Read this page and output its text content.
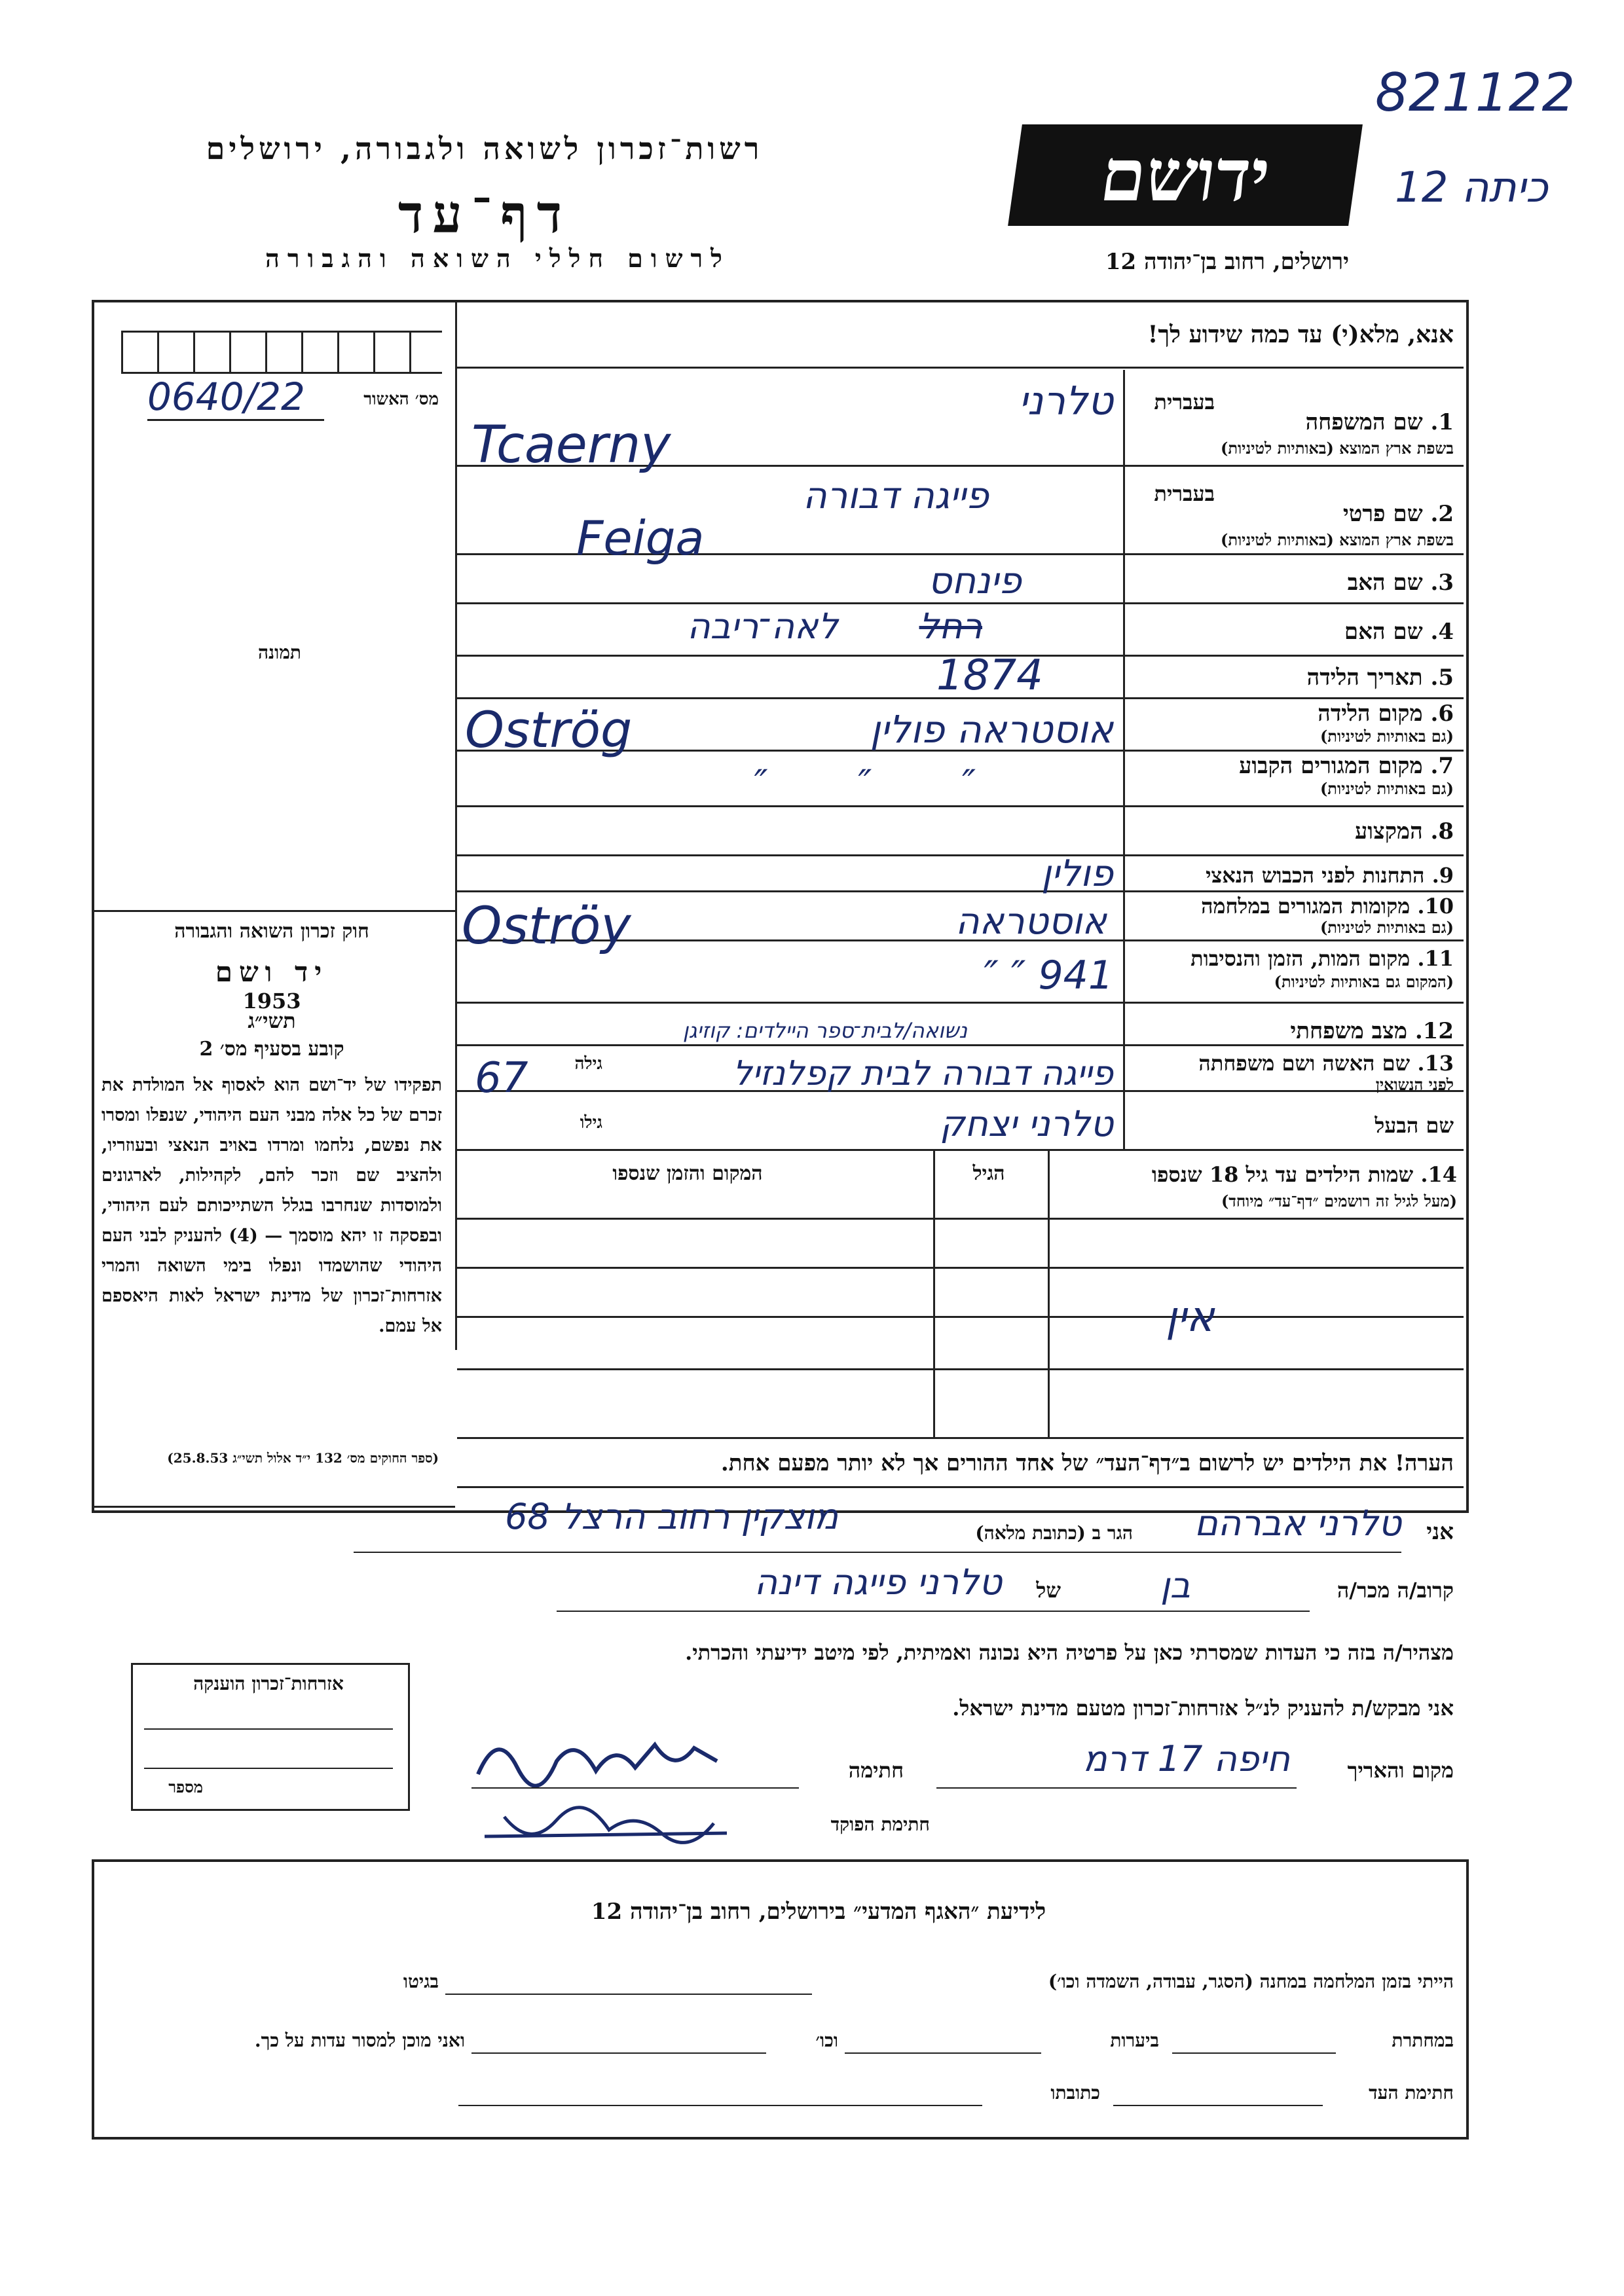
821122
12 כיתה
רשות־זכרון לשואה ולגבורה, ירושלים
דף־עד
לרשום חללי השואה והגבורה
ידושם
ירושלים, רחוב בן־יהודה 12
אנא, מלא(י) עד כמה שידוע לך!
מס׳ האשור
0640/22
תמונה
בעברית
1. שם המשפחה
בשפת ארץ המוצא (באותיות לטיניות)
טלרני
Tcaerny
בעברית
2. שם פרטי
בשפת ארץ המוצא (באותיות לטיניות)
פייגה דבורה
Feiga
3. שם האב
פינחס
4. שם האם
לאה־ריבה	רחל
5. תאריך הלידה
1874
6. מקום הלידה
(גם באותיות לטיניות)
אוסטראה פולין
Oströg
7. מקום המגורים הקבוע
(גם באותיות לטיניות)
″ ″ ″
8. המקצוע
9. התחנות לפני הכבוש הנאצי
פולין
10. מקומות המגורים במלחמה
(גם באותיות לטיניות)
אוסטראה
Oströy
11. מקום המות, הזמן והנסיבות
(המקום גם באותיות לטיניות)
941 ″ ″
12. מצב משפחתי
נשואה/לבית־ספר היילדים: קוזיגן
13. שם האשה ושם משפחתה
לפני הנשואין
גילה
67	פייגה דבורה לבית קפלנזיל
שם הבעל
גילו	טלרני יצחק
14. שמות הילדים עד גיל 18 שנספו
(מעל לגיל זה רושמים ״דף־עד״ מיוחד)
הגיל
המקום והזמן שנספו
אין
הערה! את הילדים יש לרשום ב״דף־העד״ של אחד ההורים אך לא יותר מפעם אחת.
חוק זכרון השואה והגבורה
יד ושם
תשי״ג
1953
קובע בסעיף מס׳ 2
תפקידו של יד־ושם הוא לאסוף אל המולדת את זכרם של כל אלה מבני העם היהודי, שנפלו ומסרו את נפשם, נלחמו ומרדו באויב הנאצי ובעוזריו, ולהציב שם וזכר להם, לקהילות, לארגונים ולמוסדות שנחרבו בגלל השתייכותם לעם היהודי, ובפסקה זו יהא מוסמך — (4) להעניק לבני העם היהודי שהושמדו ונפלו בימי השואה והמרי אזרחות־זכרון של מדינת ישראל לאות היאספם אל עמם.
(ספר החוקים מס׳ 132 י״ד אלול תשי״ג 25.8.53)
אני
טלרני אברהם
הגר ב (כתובת מלאה)
מוצקין רחוב הרצל 68
קרוב/ה מכר/ה
בן
של
טלרני פייגה דינה
מצהיר/ה בזה כי העדות שמסרתי כאן על פרטיה היא נכונה ואמיתית, לפי מיטב ידיעתי והכרתי.
אני מבקש/ת להעניק לנ״ל אזרחות־זכרון מטעם מדינת ישראל.
מקום והאריך
חיפה 17 דרמ
חתימה
חתימת הפוקד
אזרחות־זכרון הוענקה
מספר
לידיעת ״האגף המדעי״ בירושלים, רחוב בן־יהודה 12
הייתי בזמן המלחמה במחנה (הסגר, עבודה, השמדה וכו׳)
בגיטו
במחתרת
ביערות
וכו׳
ואני מוכן למסור עדות על כך.
חתימת העד
כתובתו
